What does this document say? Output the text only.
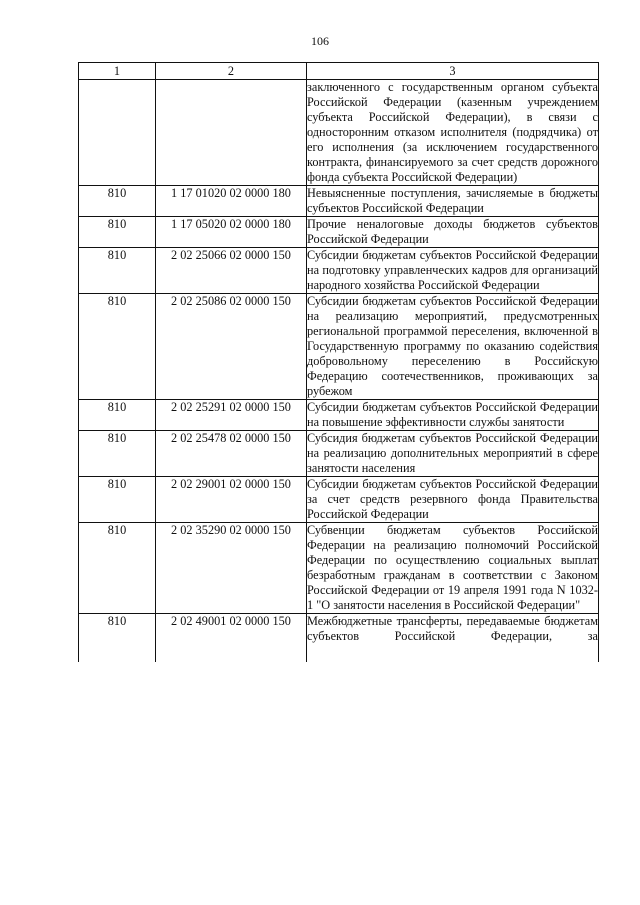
106
1	2	3
		заключенного с государственным органом субъекта Российской Федерации (казенным учреждением субъекта Российской Федерации), в связи с односторонним отказом исполнителя (подрядчика) от его исполнения (за исключением государственного контракта, финансируемого за счет средств дорожного фонда субъекта Российской Федерации)
810	1 17 01020 02 0000 180	Невыясненные поступления, зачисляемые в бюджеты субъектов Российской Федерации
810	1 17 05020 02 0000 180	Прочие неналоговые доходы бюджетов субъектов Российской Федерации
810	2 02 25066 02 0000 150	Субсидии бюджетам субъектов Российской Федерации на подготовку управленческих кадров для организаций народного хозяйства Российской Федерации
810	2 02 25086 02 0000 150	Субсидии бюджетам субъектов Российской Федерации на реализацию мероприятий, предусмотренных региональной программой переселения, включенной в Государственную программу по оказанию содействия добровольному переселению в Российскую Федерацию соотечественников, проживающих за рубежом
810	2 02 25291 02 0000 150	Субсидии бюджетам субъектов Российской Федерации на повышение эффективности службы занятости
810	2 02 25478 02 0000 150	Субсидия бюджетам субъектов Российской Федерации на реализацию дополнительных мероприятий в сфере занятости населения
810	2 02 29001 02 0000 150	Субсидии бюджетам субъектов Российской Федерации за счет средств резервного фонда Правительства Российской Федерации
810	2 02 35290 02 0000 150	Субвенции бюджетам субъектов Российской Федерации на реализацию полномочий Российской Федерации по осуществлению социальных выплат безработным гражданам в соответствии с Законом Российской Федерации от 19 апреля 1991 года N 1032-1 "О занятости населения в Российской Федерации"
810	2 02 49001 02 0000 150	Межбюджетные трансферты, передаваемые бюджетам субъектов Российской Федерации, за
